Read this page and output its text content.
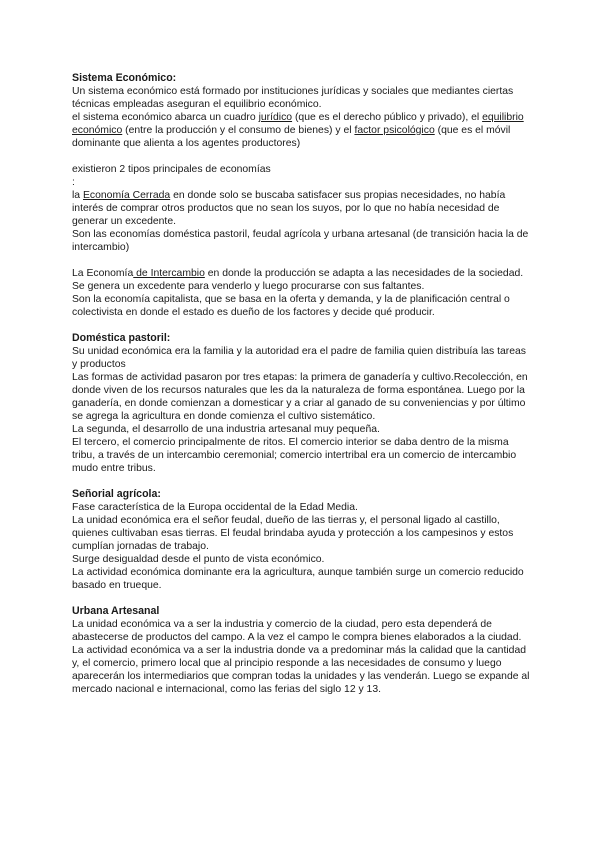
Sistema Económico:

Un sistema económico está formado por instituciones jurídicas y sociales que mediantes ciertas técnicas empleadas aseguran el equilibrio económico.

el sistema económico abarca un cuadro jurídico (que es el derecho público y privado), el equilibrio económico (entre la producción y el consumo de bienes) y el factor psicológico (que es el móvil dominante que alienta a los agentes productores)

existieron 2 tipos principales de economías

:

la Economía Cerrada en donde solo se buscaba satisfacer sus propias necesidades, no había interés de comprar otros productos que no sean los suyos, por lo que no había necesidad de generar un excedente.

Son las economías doméstica pastoril, feudal agrícola y urbana artesanal (de transición hacia la de intercambio)

La Economía de Intercambio en donde la producción se adapta a las necesidades de la sociedad. Se genera un excedente para venderlo y luego procurarse con sus faltantes.

Son la economía capitalista, que se basa en la oferta y demanda, y la de planificación central o colectivista en donde el estado es dueño de los factores y decide qué producir.

Doméstica pastoril:

Su unidad económica era la familia y la autoridad era el padre de familia quien distribuía las tareas y productos

Las formas de actividad pasaron por tres etapas: la primera de ganadería y cultivo.Recolección, en donde viven de los recursos naturales que les da la naturaleza de forma espontánea. Luego por la ganadería, en donde comienzan a domesticar y a criar al ganado de su conveniencias y por último se agrega la agricultura en donde comienza el cultivo sistemático.

La segunda, el desarrollo de una industria artesanal muy pequeña.

El tercero, el comercio principalmente de ritos. El comercio interior se daba dentro de la misma tribu, a través de un intercambio ceremonial; comercio intertribal era un comercio de intercambio mudo entre tribus.

Señorial agrícola:

Fase característica de la Europa occidental de la Edad Media.

La unidad económica era el señor feudal, dueño de las tierras y, el personal ligado al castillo, quienes cultivaban esas tierras. El feudal brindaba ayuda y protección a los campesinos y estos cumplían jornadas de trabajo.

Surge desigualdad desde el punto de vista económico.

La actividad económica dominante era la agricultura, aunque también surge un comercio reducido basado en trueque.

Urbana Artesanal

La unidad económica va a ser la industria y comercio de la ciudad, pero esta dependerá de abastecerse de productos del campo. A la vez el campo le compra bienes elaborados a la ciudad.

La actividad económica va a ser la industria donde va a predominar más la calidad que la cantidad y, el comercio, primero local que al principio responde a las necesidades de consumo y luego aparecerán los intermediarios que compran todas la unidades y las venderán. Luego se expande al mercado nacional e internacional, como las ferias del siglo 12 y 13.
